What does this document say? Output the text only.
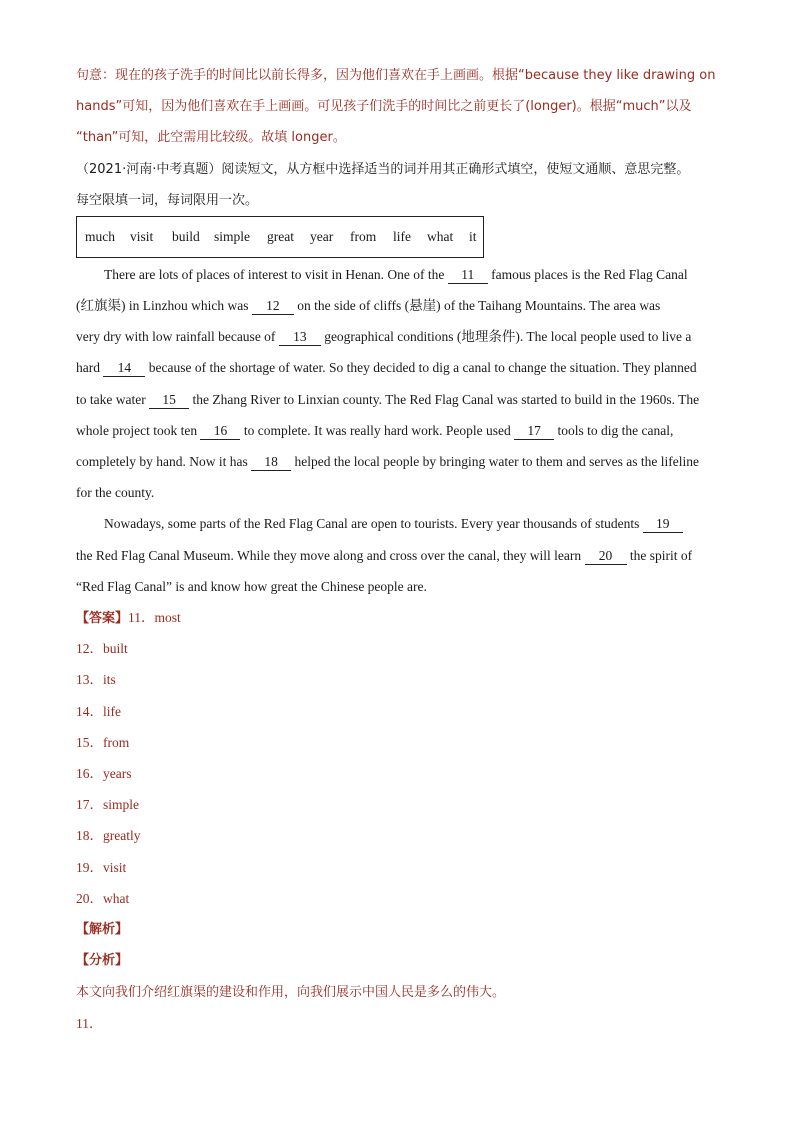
句意：现在的孩子洗手的时间比以前长得多，因为他们喜欢在手上画画。根据“because they like drawing on
hands”可知，因为他们喜欢在手上画画。可见孩子们洗手的时间比之前更长了(longer)。根据“much”以及
“than”可知，此空需用比较级。故填 longer。
（2021·河南·中考真题）阅读短文，从方框中选择适当的词并用其正确形式填空，使短文通顺、意思完整。
每空限填一词，每词限用一次。
much visit build simple great year from life what it
There are lots of places of interest to visit in Henan. One of the 11 famous places is the Red Flag Canal
(红旗渠) in Linzhou which was 12 on the side of cliffs (悬崖) of the Taihang Mountains. The area was
very dry with low rainfall because of 13 geographical conditions (地理条件). The local people used to live a
hard 14 because of the shortage of water. So they decided to dig a canal to change the situation. They planned
to take water 15 the Zhang River to Linxian county. The Red Flag Canal was started to build in the 1960s. The
whole project took ten 16 to complete. It was really hard work. People used 17 tools to dig the canal,
completely by hand. Now it has 18 helped the local people by bringing water to them and serves as the lifeline
for the county.
Nowadays, some parts of the Red Flag Canal are open to tourists. Every year thousands of students 19
the Red Flag Canal Museum. While they move along and cross over the canal, they will learn 20 the spirit of
“Red Flag Canal” is and know how great the Chinese people are.
【答案】11．most
12．built
13．its
14．life
15．from
16．years
17．simple
18．greatly
19．visit
20．what
【解析】
【分析】
本文向我们介绍红旗渠的建设和作用，向我们展示中国人民是多么的伟大。
11．
